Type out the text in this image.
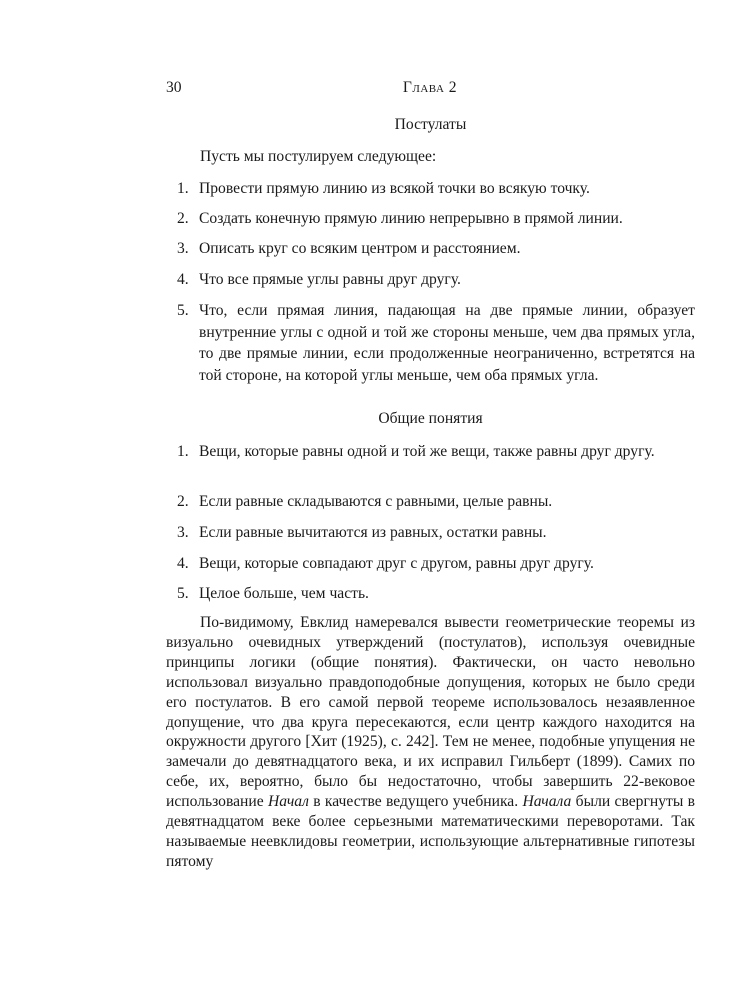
30	Глава 2
Постулаты
Пусть мы постулируем следующее:
1. Провести прямую линию из всякой точки во всякую точку.
2. Создать конечную прямую линию непрерывно в прямой линии.
3. Описать круг со всяким центром и расстоянием.
4. Что все прямые углы равны друг другу.
5. Что, если прямая линия, падающая на две прямые линии, образует внутренние углы с одной и той же стороны меньше, чем два прямых угла, то две прямые линии, если продолженные неограниченно, встретятся на той стороне, на которой углы меньше, чем оба прямых угла.
Общие понятия
1. Вещи, которые равны одной и той же вещи, также равны друг другу.
2. Если равные складываются с равными, целые равны.
3. Если равные вычитаются из равных, остатки равны.
4. Вещи, которые совпадают друг с другом, равны друг другу.
5. Целое больше, чем часть.

По-видимому, Евклид намеревался вывести геометрические теоремы из визуально очевидных утверждений (постулатов), используя очевидные принципы логики (общие понятия). Фактически, он часто невольно использовал визуально правдоподобные допущения, которых не было среди его постулатов. В его самой первой теореме использовалось незаявленное допущение, что два круга пересекаются, если центр каждого находится на окружности другого [Хит (1925), с. 242]. Тем не менее, подобные упущения не замечали до девятнадцатого века, и их исправил Гильберт (1899). Самих по себе, их, вероятно, было бы недостаточно, чтобы завершить 22-вековое использование Начал в качестве ведущего учебника. Начала были свергнуты в девятнадцатом веке более серьезными математическими переворотами. Так называемые неевклидовы геометрии, использующие альтернативные гипотезы пятому
